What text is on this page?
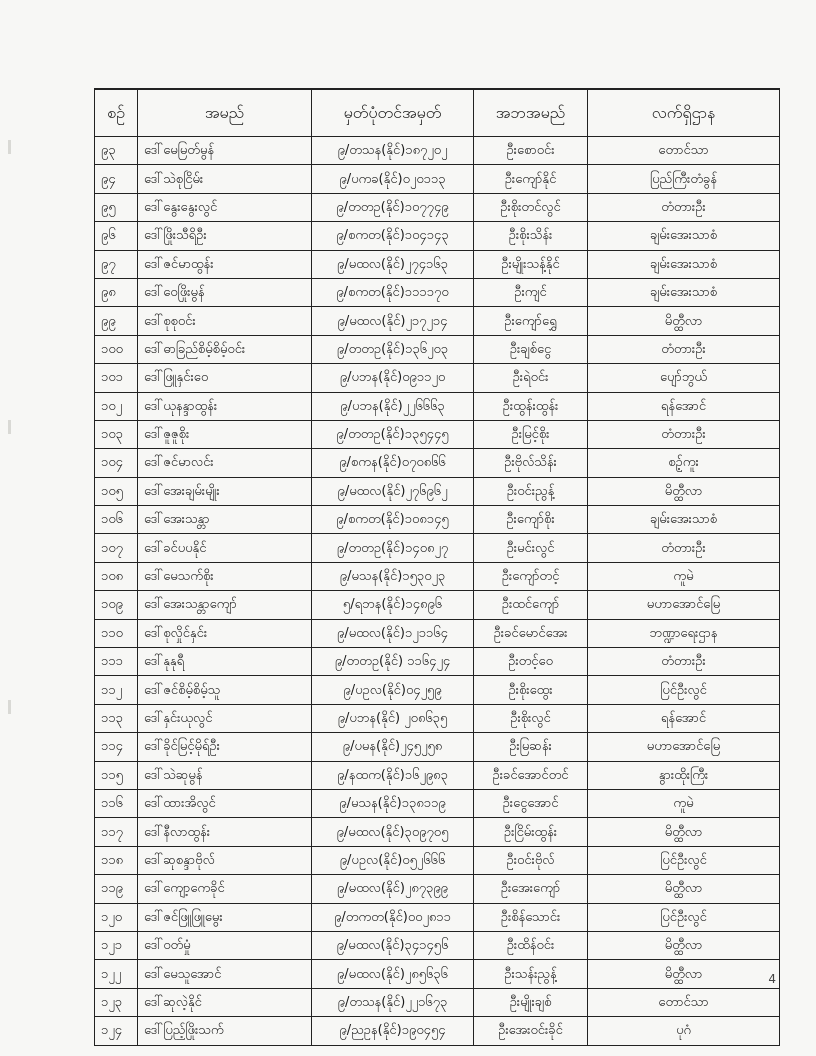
စဉ်	အမည်	မှတ်ပုံတင်အမှတ်	အဘအမည်	လက်ရှိဌာန
၉၃	ဒေါ်မေမြတ်မွန်	၉/တသန(နိုင်)၁၈၇၂၀၂	ဦးစောဝင်း	တောင်သာ
၉၄	ဒေါ်သဲစုငြိမ်း	၉/ပကခ(နိုင်)၀၂၀၁၁၃	ဦးကျော်နိုင်	ပြည်ကြီးတံခွန်
၉၅	ဒေါ်နွေးနွေးလွင်	၉/တတဥ(နိုင်)၁၀၇၇၄၉	ဦးစိုးတင်လွင်	တံတားဦး
၉၆	ဒေါ်ဖြိုးသီရိဦး	၉/စကတ(နိုင်)၁၀၄၁၄၃	ဦးစိုးသိန်း	ချမ်းအေးသာစံ
၉၇	ဒေါ်ဇင်မာထွန်း	၉/မထလ(နိုင်)၂၇၄၁၆၃	ဦးမျိုးသန့်နိုင်	ချမ်းအေးသာစံ
၉၈	ဒေါ်ဝေဖြိုးမွန်	၉/စကတ(နိုင်)၁၁၁၁၇၀	ဦးကျင်	ချမ်းအေးသာစံ
၉၉	ဒေါ်စုစုဝင်း	၉/မထလ(နိုင်)၂၁၇၂၁၄	ဦးကျော်ရွှေ	မိတ္ထီလာ
၁၀၀	ဒေါ်ဓာခြည်စိမ့်စိမ့်ဝင်း	၉/တတဥ(နိုင်)၁၃၆၂၀၃	ဦးချစ်ငွေ	တံတားဦး
၁၀၁	ဒေါ်ဖြူနှင်းဝေ	၉/ပဘန(နိုင်)၀၉၁၁၂၀	ဦးရဲဝင်း	ပျော်ဘွယ်
၁၀၂	ဒေါ်ယုနန္ဒာထွန်း	၉/ပဘန(နိုင်)၂၂၆၆၆၃	ဦးထွန်းထွန်း	ရန်အောင်
၁၀၃	ဒေါ်ဇူဇူစိုး	၉/တတဥ(နိုင်)၁၃၅၄၄၅	ဦးမြင့်စိုး	တံတားဦး
၁၀၄	ဒေါ်ဇင်မာလင်း	၉/စကန(နိုင်)၀၇၀၈၆၆	ဦးဗိုလ်သိန်း	စဉ့်ကူး
၁၀၅	ဒေါ်အေးချမ်းမျိုး	၉/မထလ(နိုင်)၂၇၆၉၆၂	ဦးဝင်းညွန့်	မိတ္ထီလာ
၁၀၆	ဒေါ်အေးသန္တာ	၉/စကတ(နိုင်)၁၀၈၁၄၅	ဦးကျော်စိုး	ချမ်းအေးသာစံ
၁၀၇	ဒေါ်ခင်ပပနိုင်	၉/တတဥ(နိုင်)၁၄၀၈၂၇	ဦးမင်းလွင်	တံတားဦး
၁၀၈	ဒေါ်မေသက်စိုး	၉/မသန(နိုင်)၁၅၃၀၂၃	ဦးကျော်တင့်	ကူမဲ
၁၀၉	ဒေါ်အေးသန္တာကျော်	၅/ရဘန(နိုင်)၁၄၈၉၆	ဦးထင်ကျော်	မဟာအောင်မြေ
၁၁၀	ဒေါ်စုလှိုင်နှင်း	၉/မထလ(နိုင်)၁၂၁၁၆၄	ဦးခင်မောင်အေး	ဘဏ္ဍာရေးဌာန
၁၁၁	ဒေါ်နုနုရီ	၉/တတဥ(နိုင်) ၁၁၆၄၂၄	ဦးတင့်ဝေ	တံတားဦး
၁၁၂	ဒေါ်ဇင်စိမ့်စိမ့်သူ	၉/ပဥလ(နိုင်)၀၄၂၅၉	ဦးစိုးထွေး	ပြင်ဦးလွင်
၁၁၃	ဒေါ်နှင်းယုလွင်	၉/ပဘန(နိုင်) ၂၀၈၆၃၅	ဦးစိုးလွင်	ရန်အောင်
၁၁၄	ဒေါ်ခိုင်မြင့်မိုရ်ဦး	၉/ပမန(နိုင်)၂၄၅၂၅၈	ဦးမြဆန်း	မဟာအောင်မြေ
၁၁၅	ဒေါ်သဲဆုမွန်	၉/နထက(နိုင်)၁၆၂၉၈၃	ဦးခင်အောင်တင်	နွားထိုးကြီး
၁၁၆	ဒေါ်ထားအိလွင်	၉/မသန(နိုင်)၁၃၈၁၁၉	ဦးငွေအောင်	ကူမဲ
၁၁၇	ဒေါ်နီလာထွန်း	၉/မထလ(နိုင်)၃၀၉၇၀၅	ဦးငြိမ်းထွန်း	မိတ္ထီလာ
၁၁၈	ဒေါ်ဆုစန္ဒာဗိုလ်	၉/ပဥလ(နိုင်)၀၅၂၆၆၆	ဦးဝင်းဗိုလ်	ပြင်ဦးလွင်
၁၁၉	ဒေါ်ကျော့ကေခိုင်	၉/မထလ(နိုင်)၂၈၇၃၉၉	ဦးအေးကျော်	မိတ္ထီလာ
၁၂၀	ဒေါ်ဇင်ဖြူဖြူမွေး	၉/တကတ(နိုင်)၀၀၂၈၁၁	ဦးစိန်သောင်း	ပြင်ဦးလွင်
၁၂၁	ဒေါ်ဝတ်မှုံ	၉/မထလ(နိုင်)၃၄၁၄၅၆	ဦးထိန်ဝင်း	မိတ္ထီလာ
၁၂၂	ဒေါ်မေသူအောင်	၉/မထလ(နိုင်)၂၈၅၆၃၆	ဦးသန်းညွန့်	မိတ္ထီလာ
၁၂၃	ဒေါ်ဆုလဲ့နိုင်	၉/တသန(နိုင်)၂၂၁၆၇၃	ဦးမျိုးချစ်	တောင်သာ
၁၂၄	ဒေါ်ပြည့်ဖြိုးသက်	၉/ညဥန(နိုင်)၁၉၀၄၅၄	ဦးအေးဝင်းခိုင်	ပုဂံ
4
